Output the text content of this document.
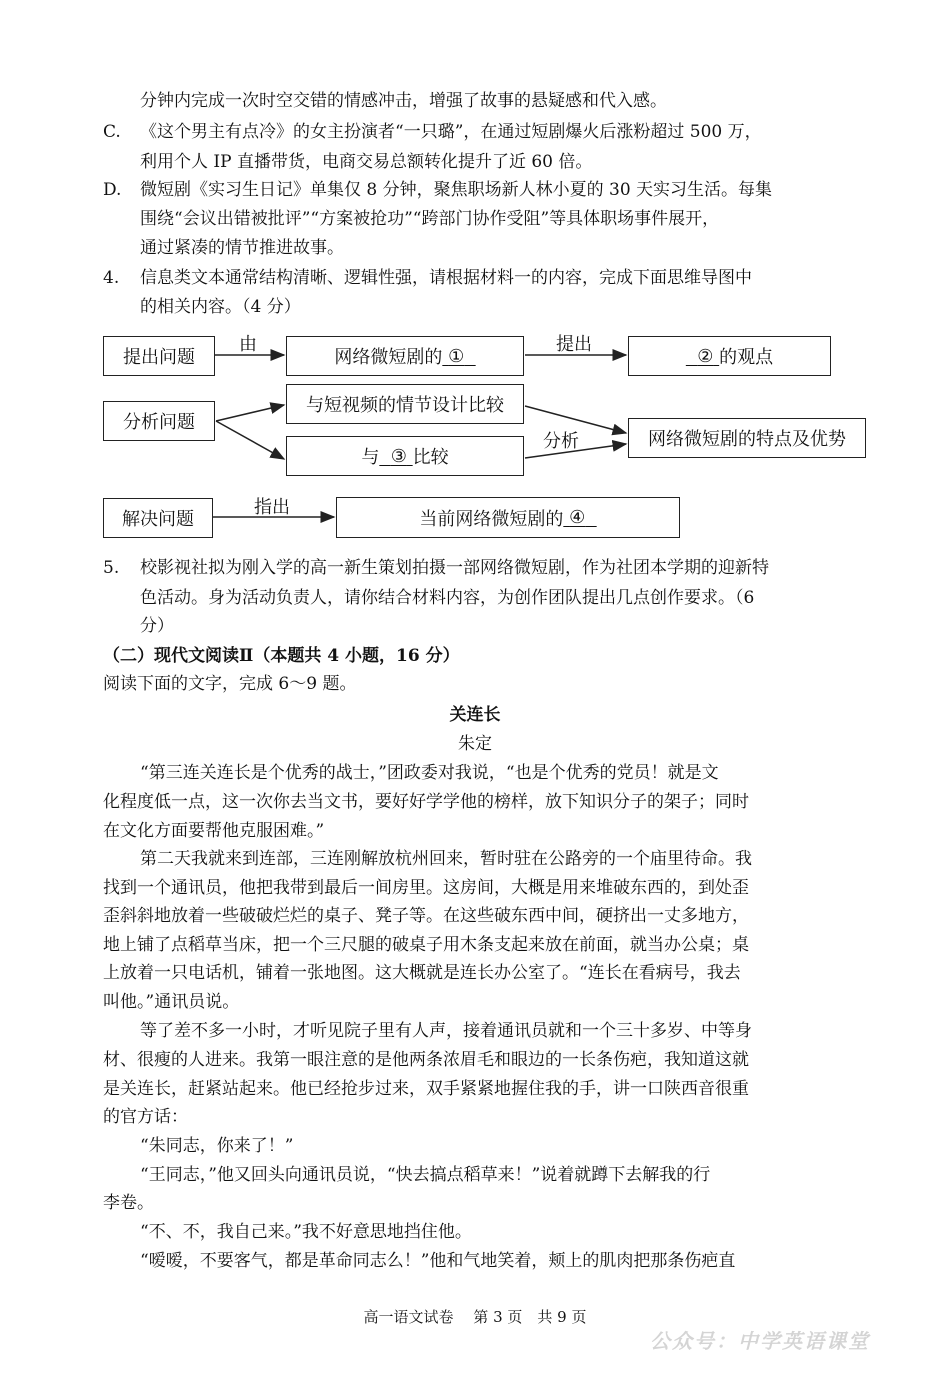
分钟内完成一次时空交错的情感冲击，增强了故事的悬疑感和代入感。
C. 《这个男主有点冷》的女主扮演者“一只璐”，在通过短剧爆火后涨粉超过 500 万，
利用个人 IP 直播带货，电商交易总额转化提升了近 60 倍。
D. 微短剧《实习生日记》单集仅 8 分钟，聚焦职场新人林小夏的 30 天实习生活。每集
围绕“会议出错被批评”“方案被抢功”“跨部门协作受阻”等具体职场事件展开，
通过紧凑的情节推进故事。
4. 信息类文本通常结构清晰、逻辑性强，请根据材料一的内容，完成下面思维导图中
的相关内容。（4 分）
提出问题
由
网络微短剧的 ①
提出
② 的观点
分析问题
与短视频的情节设计比较
与 ③ 比较
分析	网络微短剧的特点及优势
解决问题
指出
当前网络微短剧的 ④
5. 校影视社拟为刚入学的高一新生策划拍摄一部网络微短剧，作为社团本学期的迎新特
色活动。身为活动负责人，请你结合材料内容，为创作团队提出几点创作要求。（6
分）
（二）现代文阅读Ⅱ（本题共 4 小题，16 分）
阅读下面的文字，完成 6～9 题。
关连长
朱定
“第三连关连长是个优秀的战士，”团政委对我说，“也是个优秀的党员！就是文
化程度低一点，这一次你去当文书，要好好学学他的榜样，放下知识分子的架子；同时
在文化方面要帮他克服困难。”
第二天我就来到连部，三连刚解放杭州回来，暂时驻在公路旁的一个庙里待命。我
找到一个通讯员，他把我带到最后一间房里。这房间，大概是用来堆破东西的，到处歪
歪斜斜地放着一些破破烂烂的桌子、凳子等。在这些破东西中间，硬挤出一丈多地方，
地上铺了点稻草当床，把一个三尺腿的破桌子用木条支起来放在前面，就当办公桌；桌
上放着一只电话机，铺着一张地图。这大概就是连长办公室了。“连长在看病号，我去
叫他。”通讯员说。
等了差不多一小时，才听见院子里有人声，接着通讯员就和一个三十多岁、中等身
材、很瘦的人进来。我第一眼注意的是他两条浓眉毛和眼边的一长条伤疤，我知道这就
是关连长，赶紧站起来。他已经抢步过来，双手紧紧地握住我的手，讲一口陕西音很重
的官方话：
“朱同志，你来了！”
“王同志，”他又回头向通讯员说，“快去搞点稻草来！”说着就蹲下去解我的行
李卷。
“不、不，我自己来。”我不好意思地挡住他。
“嗳嗳，不要客气，都是革命同志么！”他和气地笑着，颊上的肌肉把那条伤疤直
高一语文试卷　 第 3 页　共 9 页
公众号：中学英语课堂
